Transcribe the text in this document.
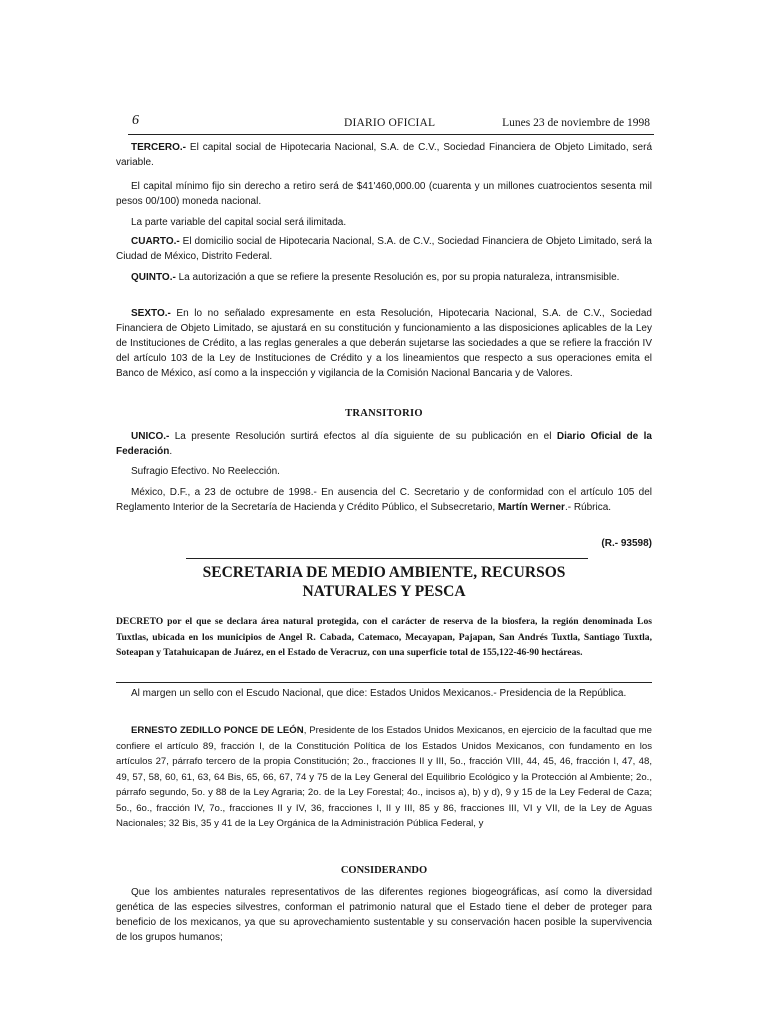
6	DIARIO OFICIAL	Lunes 23 de noviembre de 1998

TERCERO.- El capital social de Hipotecaria Nacional, S.A. de C.V., Sociedad Financiera de Objeto Limitado, será variable.

El capital mínimo fijo sin derecho a retiro será de $41'460,000.00 (cuarenta y un millones cuatrocientos sesenta mil pesos 00/100) moneda nacional.

La parte variable del capital social será ilimitada.

CUARTO.- El domicilio social de Hipotecaria Nacional, S.A. de C.V., Sociedad Financiera de Objeto Limitado, será la Ciudad de México, Distrito Federal.

QUINTO.- La autorización a que se refiere la presente Resolución es, por su propia naturaleza, intransmisible.

SEXTO.- En lo no señalado expresamente en esta Resolución, Hipotecaria Nacional, S.A. de C.V., Sociedad Financiera de Objeto Limitado, se ajustará en su constitución y funcionamiento a las disposiciones aplicables de la Ley de Instituciones de Crédito, a las reglas generales a que deberán sujetarse las sociedades a que se refiere la fracción IV del artículo 103 de la Ley de Instituciones de Crédito y a los lineamientos que respecto a sus operaciones emita el Banco de México, así como a la inspección y vigilancia de la Comisión Nacional Bancaria y de Valores.

TRANSITORIO

UNICO.- La presente Resolución surtirá efectos al día siguiente de su publicación en el Diario Oficial de la Federación.

Sufragio Efectivo. No Reelección.

México, D.F., a 23 de octubre de 1998.- En ausencia del C. Secretario y de conformidad con el artículo 105 del Reglamento Interior de la Secretaría de Hacienda y Crédito Público, el Subsecretario, Martín Werner.- Rúbrica.

(R.- 93598)
SECRETARIA DE MEDIO AMBIENTE, RECURSOS
NATURALES Y PESCA

DECRETO por el que se declara área natural protegida, con el carácter de reserva de la biosfera, la región denominada Los Tuxtlas, ubicada en los municipios de Angel R. Cabada, Catemaco, Mecayapan, Pajapan, San Andrés Tuxtla, Santiago Tuxtla, Soteapan y Tatahuicapan de Juárez, en el Estado de Veracruz, con una superficie total de 155,122-46-90 hectáreas.

Al margen un sello con el Escudo Nacional, que dice: Estados Unidos Mexicanos.- Presidencia de la República.

ERNESTO ZEDILLO PONCE DE LEÓN, Presidente de los Estados Unidos Mexicanos, en ejercicio de la facultad que me confiere el artículo 89, fracción I, de la Constitución Política de los Estados Unidos Mexicanos, con fundamento en los artículos 27, párrafo tercero de la propia Constitución; 2o., fracciones II y III, 5o., fracción VIII, 44, 45, 46, fracción I, 47, 48, 49, 57, 58, 60, 61, 63, 64 Bis, 65, 66, 67, 74 y 75 de la Ley General del Equilibrio Ecológico y la Protección al Ambiente; 2o., párrafo segundo, 5o. y 88 de la Ley Agraria; 2o. de la Ley Forestal; 4o., incisos a), b) y d), 9 y 15 de la Ley Federal de Caza; 5o., 6o., fracción IV, 7o., fracciones II y IV, 36, fracciones I, II y III, 85 y 86, fracciones III, VI y VII, de la Ley de Aguas Nacionales; 32 Bis, 35 y 41 de la Ley Orgánica de la Administración Pública Federal, y

CONSIDERANDO

Que los ambientes naturales representativos de las diferentes regiones biogeográficas, así como la diversidad genética de las especies silvestres, conforman el patrimonio natural que el Estado tiene el deber de proteger para beneficio de los mexicanos, ya que su aprovechamiento sustentable y su conservación hacen posible la supervivencia de los grupos humanos;
